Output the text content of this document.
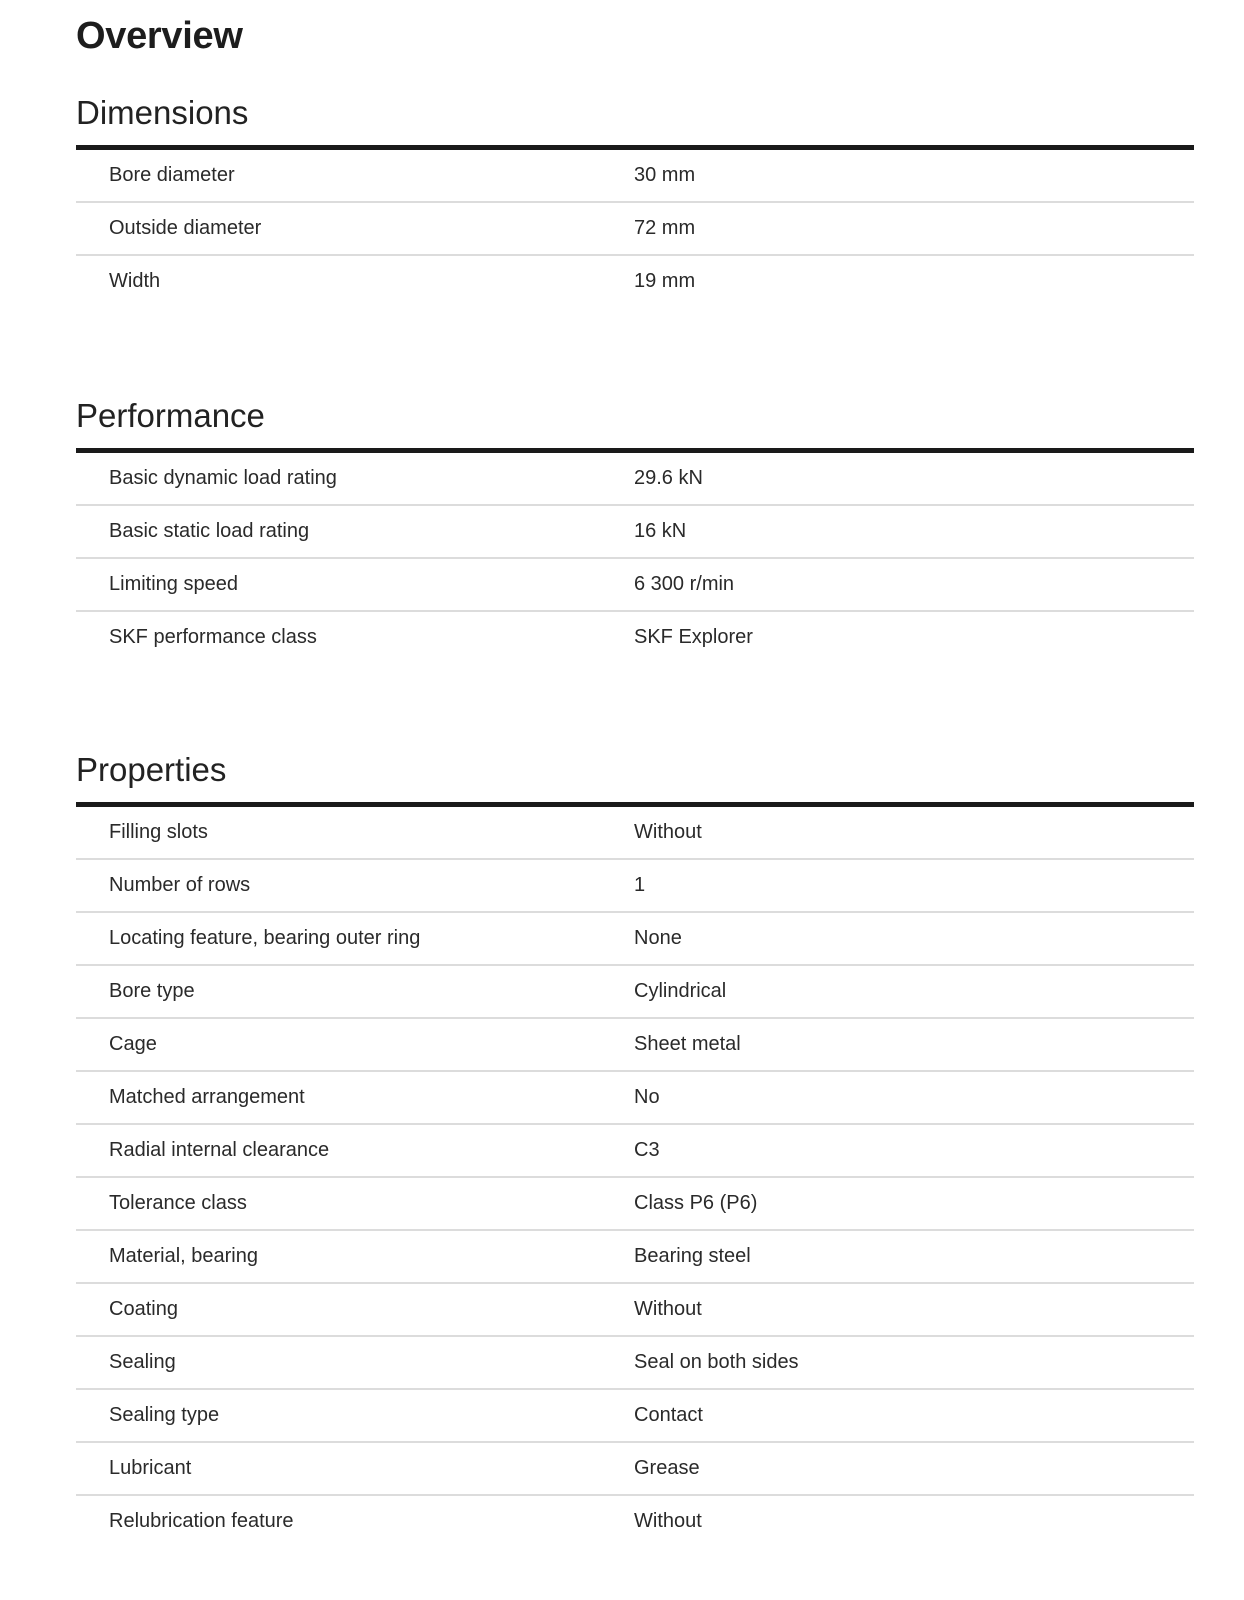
Overview
Dimensions
Bore diameter	30 mm
Outside diameter	72 mm
Width	19 mm
Performance
Basic dynamic load rating	29.6 kN
Basic static load rating	16 kN
Limiting speed	6 300 r/min
SKF performance class	SKF Explorer
Properties
Filling slots	Without
Number of rows	1
Locating feature, bearing outer ring	None
Bore type	Cylindrical
Cage	Sheet metal
Matched arrangement	No
Radial internal clearance	C3
Tolerance class	Class P6 (P6)
Material, bearing	Bearing steel
Coating	Without
Sealing	Seal on both sides
Sealing type	Contact
Lubricant	Grease
Relubrication feature	Without
